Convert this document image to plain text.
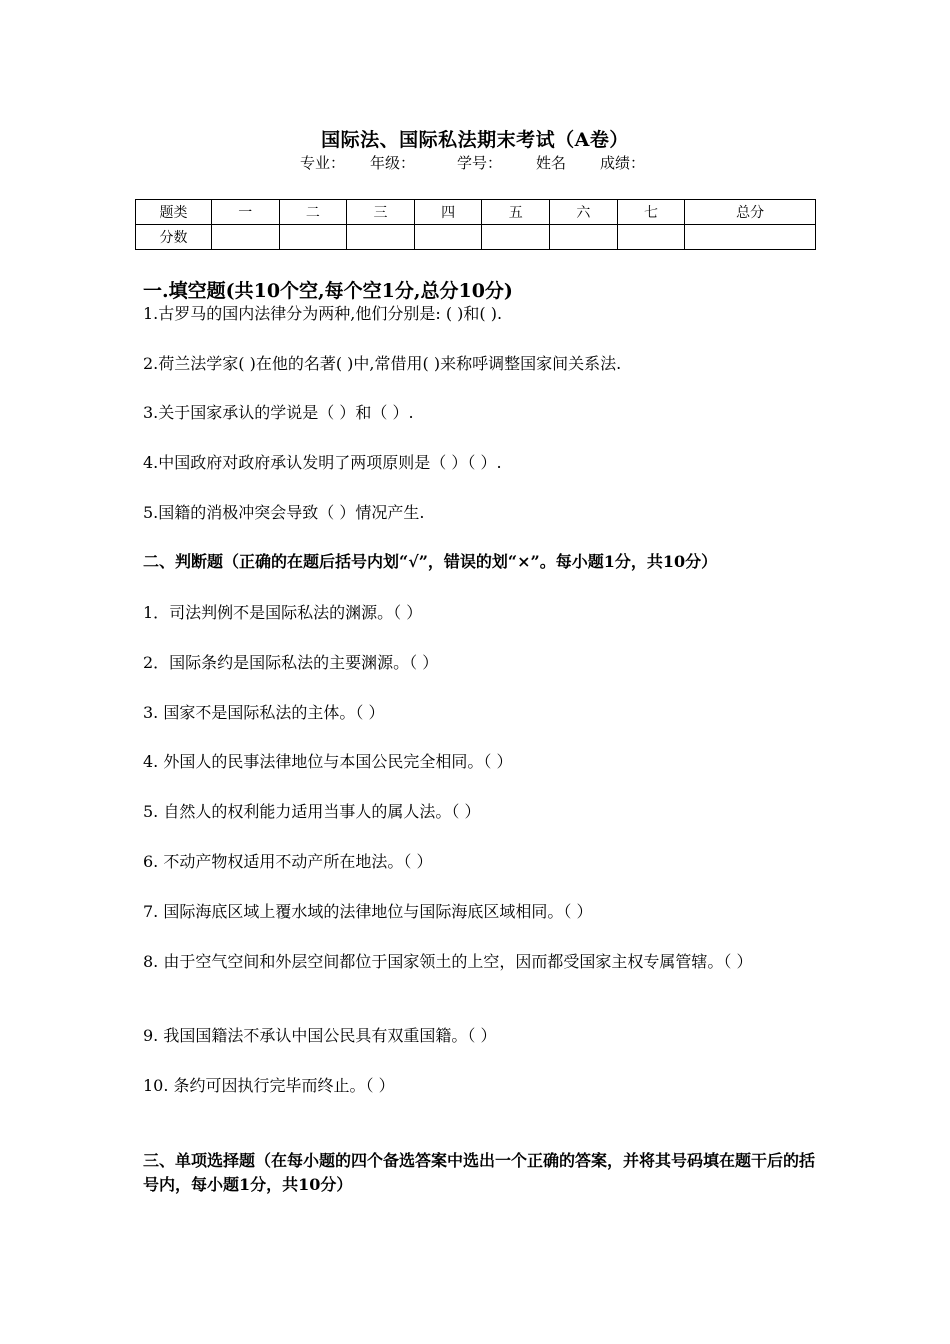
国际法、国际私法期末考试（A卷）
专业： 年级：	学号： 姓名 成绩：
题类	一	二	三	四	五	六	七	总分
分数								
一.填空题(共10个空,每个空1分,总分10分)
1.古罗马的国内法律分为两种,他们分别是: ( )和( ).
2.荷兰法学家( )在他的名著( )中,常借用( )来称呼调整国家间关系法.
3.关于国家承认的学说是（ ）和（ ）.
4.中国政府对政府承认发明了两项原则是（ ）（ ）.
5.国籍的消极冲突会导致（ ）情况产生.
二、判断题（正确的在题后括号内划“√”，错误的划“×”。每小题1分，共10分）
1．司法判例不是国际私法的渊源。（ ）
2．国际条约是国际私法的主要渊源。（ ）
3. 国家不是国际私法的主体。（ ）
4. 外国人的民事法律地位与本国公民完全相同。（ ）
5. 自然人的权利能力适用当事人的属人法。（ ）
6. 不动产物权适用不动产所在地法。（ ）
7. 国际海底区域上覆水域的法律地位与国际海底区域相同。（ ）
8. 由于空气空间和外层空间都位于国家领土的上空，因而都受国家主权专属管辖。（ ）
9. 我国国籍法不承认中国公民具有双重国籍。（ ）
10. 条约可因执行完毕而终止。（ ）
三、单项选择题（在每小题的四个备选答案中选出一个正确的答案，并将其号码填在题干后的括号内，每小题1分，共10分）
